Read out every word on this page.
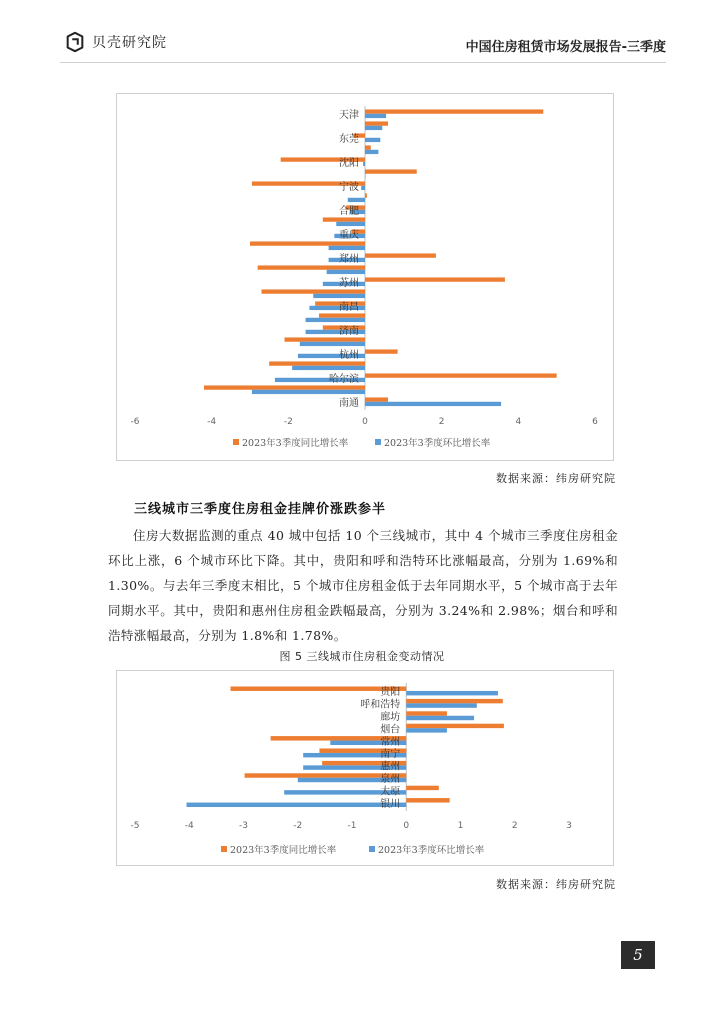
贝壳研究院	中国住房租赁市场发展报告-三季度
天津
东莞
沈阳
宁波
合肥
重庆
郑州
苏州
南昌
济南
杭州
哈尔滨
南通
-6	-4	-2	0	2	4	6
2023年3季度同比增长率	2023年3季度环比增长率
数据来源：纬房研究院
三线城市三季度住房租金挂牌价涨跌参半
住房大数据监测的重点 40 城中包括 10 个三线城市，其中 4 个城市三季度住房租金环比上涨，6 个城市环比下降。其中，贵阳和呼和浩特环比涨幅最高，分别为 1.69%和 1.30%。与去年三季度末相比，5 个城市住房租金低于去年同期水平，5 个城市高于去年同期水平。其中，贵阳和惠州住房租金跌幅最高，分别为 3.24%和 2.98%；烟台和呼和浩特涨幅最高，分别为 1.8%和 1.78%。
图 5 三线城市住房租金变动情况
贵阳
呼和浩特
廊坊
烟台
常州
南宁
惠州
泉州
太原
银川
-5	-4	-3	-2	-1	0	1	2	3
2023年3季度同比增长率	2023年3季度环比增长率
数据来源：纬房研究院
5
